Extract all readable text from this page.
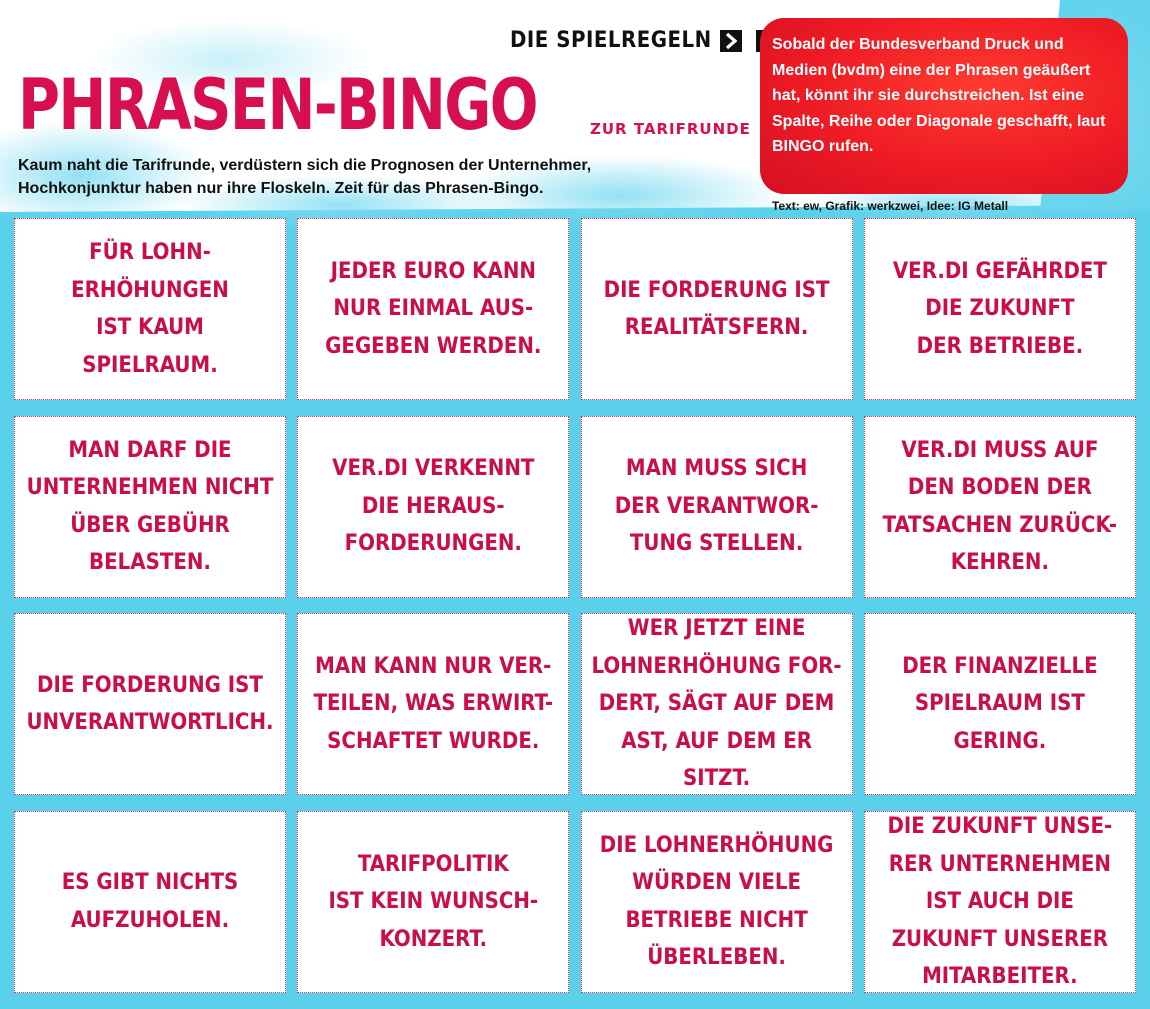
DIE SPIELREGELN	Sobald der Bundesverband Druck und Medien (bvdm) eine der Phrasen geäußert hat, könnt ihr sie durchstreichen. Ist eine Spalte, Reihe oder Diagonale geschafft, laut BINGO rufen.
PHRASEN-BINGO	ZUR TARIFRUNDE
Kaum naht die Tarifrunde, verdüstern sich die Prognosen der Unternehmer,
Hochkonjunktur haben nur ihre Floskeln. Zeit für das Phrasen-Bingo.
Text: ew, Grafik: werkzwei, Idee: IG Metall
FÜR LOHN-
ERHÖHUNGEN
IST KAUM
SPIELRAUM.
JEDER EURO KANN
NUR EINMAL AUS-
GEGEBEN WERDEN.
DIE FORDERUNG IST
REALITÄTSFERN.
VER.DI GEFÄHRDET
DIE ZUKUNFT
DER BETRIEBE.
MAN DARF DIE
UNTERNEHMEN NICHT
ÜBER GEBÜHR
BELASTEN.
VER.DI VERKENNT
DIE HERAUS-
FORDERUNGEN.
MAN MUSS SICH
DER VERANTWOR-
TUNG STELLEN.
VER.DI MUSS AUF
DEN BODEN DER
TATSACHEN ZURÜCK-
KEHREN.
DIE FORDERUNG IST
UNVERANTWORTLICH.
MAN KANN NUR VER-
TEILEN, WAS ERWIRT-
SCHAFTET WURDE.
WER JETZT EINE
LOHNERHÖHUNG FOR-
DERT, SÄGT AUF DEM
AST, AUF DEM ER
SITZT.
DER FINANZIELLE
SPIELRAUM IST
GERING.
ES GIBT NICHTS
AUFZUHOLEN.
TARIFPOLITIK
IST KEIN WUNSCH-
KONZERT.
DIE LOHNERHÖHUNG
WÜRDEN VIELE
BETRIEBE NICHT
ÜBERLEBEN.
DIE ZUKUNFT UNSE-
RER UNTERNEHMEN
IST AUCH DIE
ZUKUNFT UNSERER
MITARBEITER.
